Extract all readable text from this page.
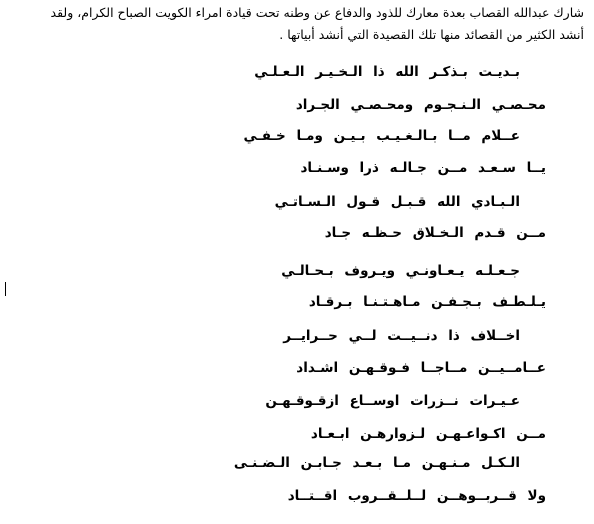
شارك عبدالله القصاب بعدة معارك للذود والدفاع عن وطنه تحت قيادة امراء الكويت الصباح الكرام، ولقد
أنشد الكثير من القصائد منها تلك القصيدة التي أنشد أبياتها .
بـديـت بـذكـر الله ذا الـخـيـر الـعـلـي
محـصـي الـنـجـوم ومحـصـي الجـراد
عــلام مــا بـالـغـيـب بـيـن ومـا خـفـي
يــا سـعـد مــن جـالـه ذرا وسـنـاد
الـبـادي الله قـبـل قـول الـسـاتـي
مــن قـدم الـخـلاق حـظـه جـاد
جـعـلـه يـعـاونـي ويـروف بـحـالـي
يـلـطـف بـجـفـن مـاهـتـنـا بـرقـاد
اخــلاف ذا دنــيــت لــي حــرايــر
عــامــيــن مــاجــا فـوقـهـن اشـداد
عـيـرات نــزرات اوســاع ازقـوقـهـن
مــن اكـواعـهـن لـزوارهـن ابـعـاد
الـكـل مـنـهـن مـا بـعـد جـابـن الـضـنـى
ولا قــربــوهــن لــلــقــروب اقــتــاد
